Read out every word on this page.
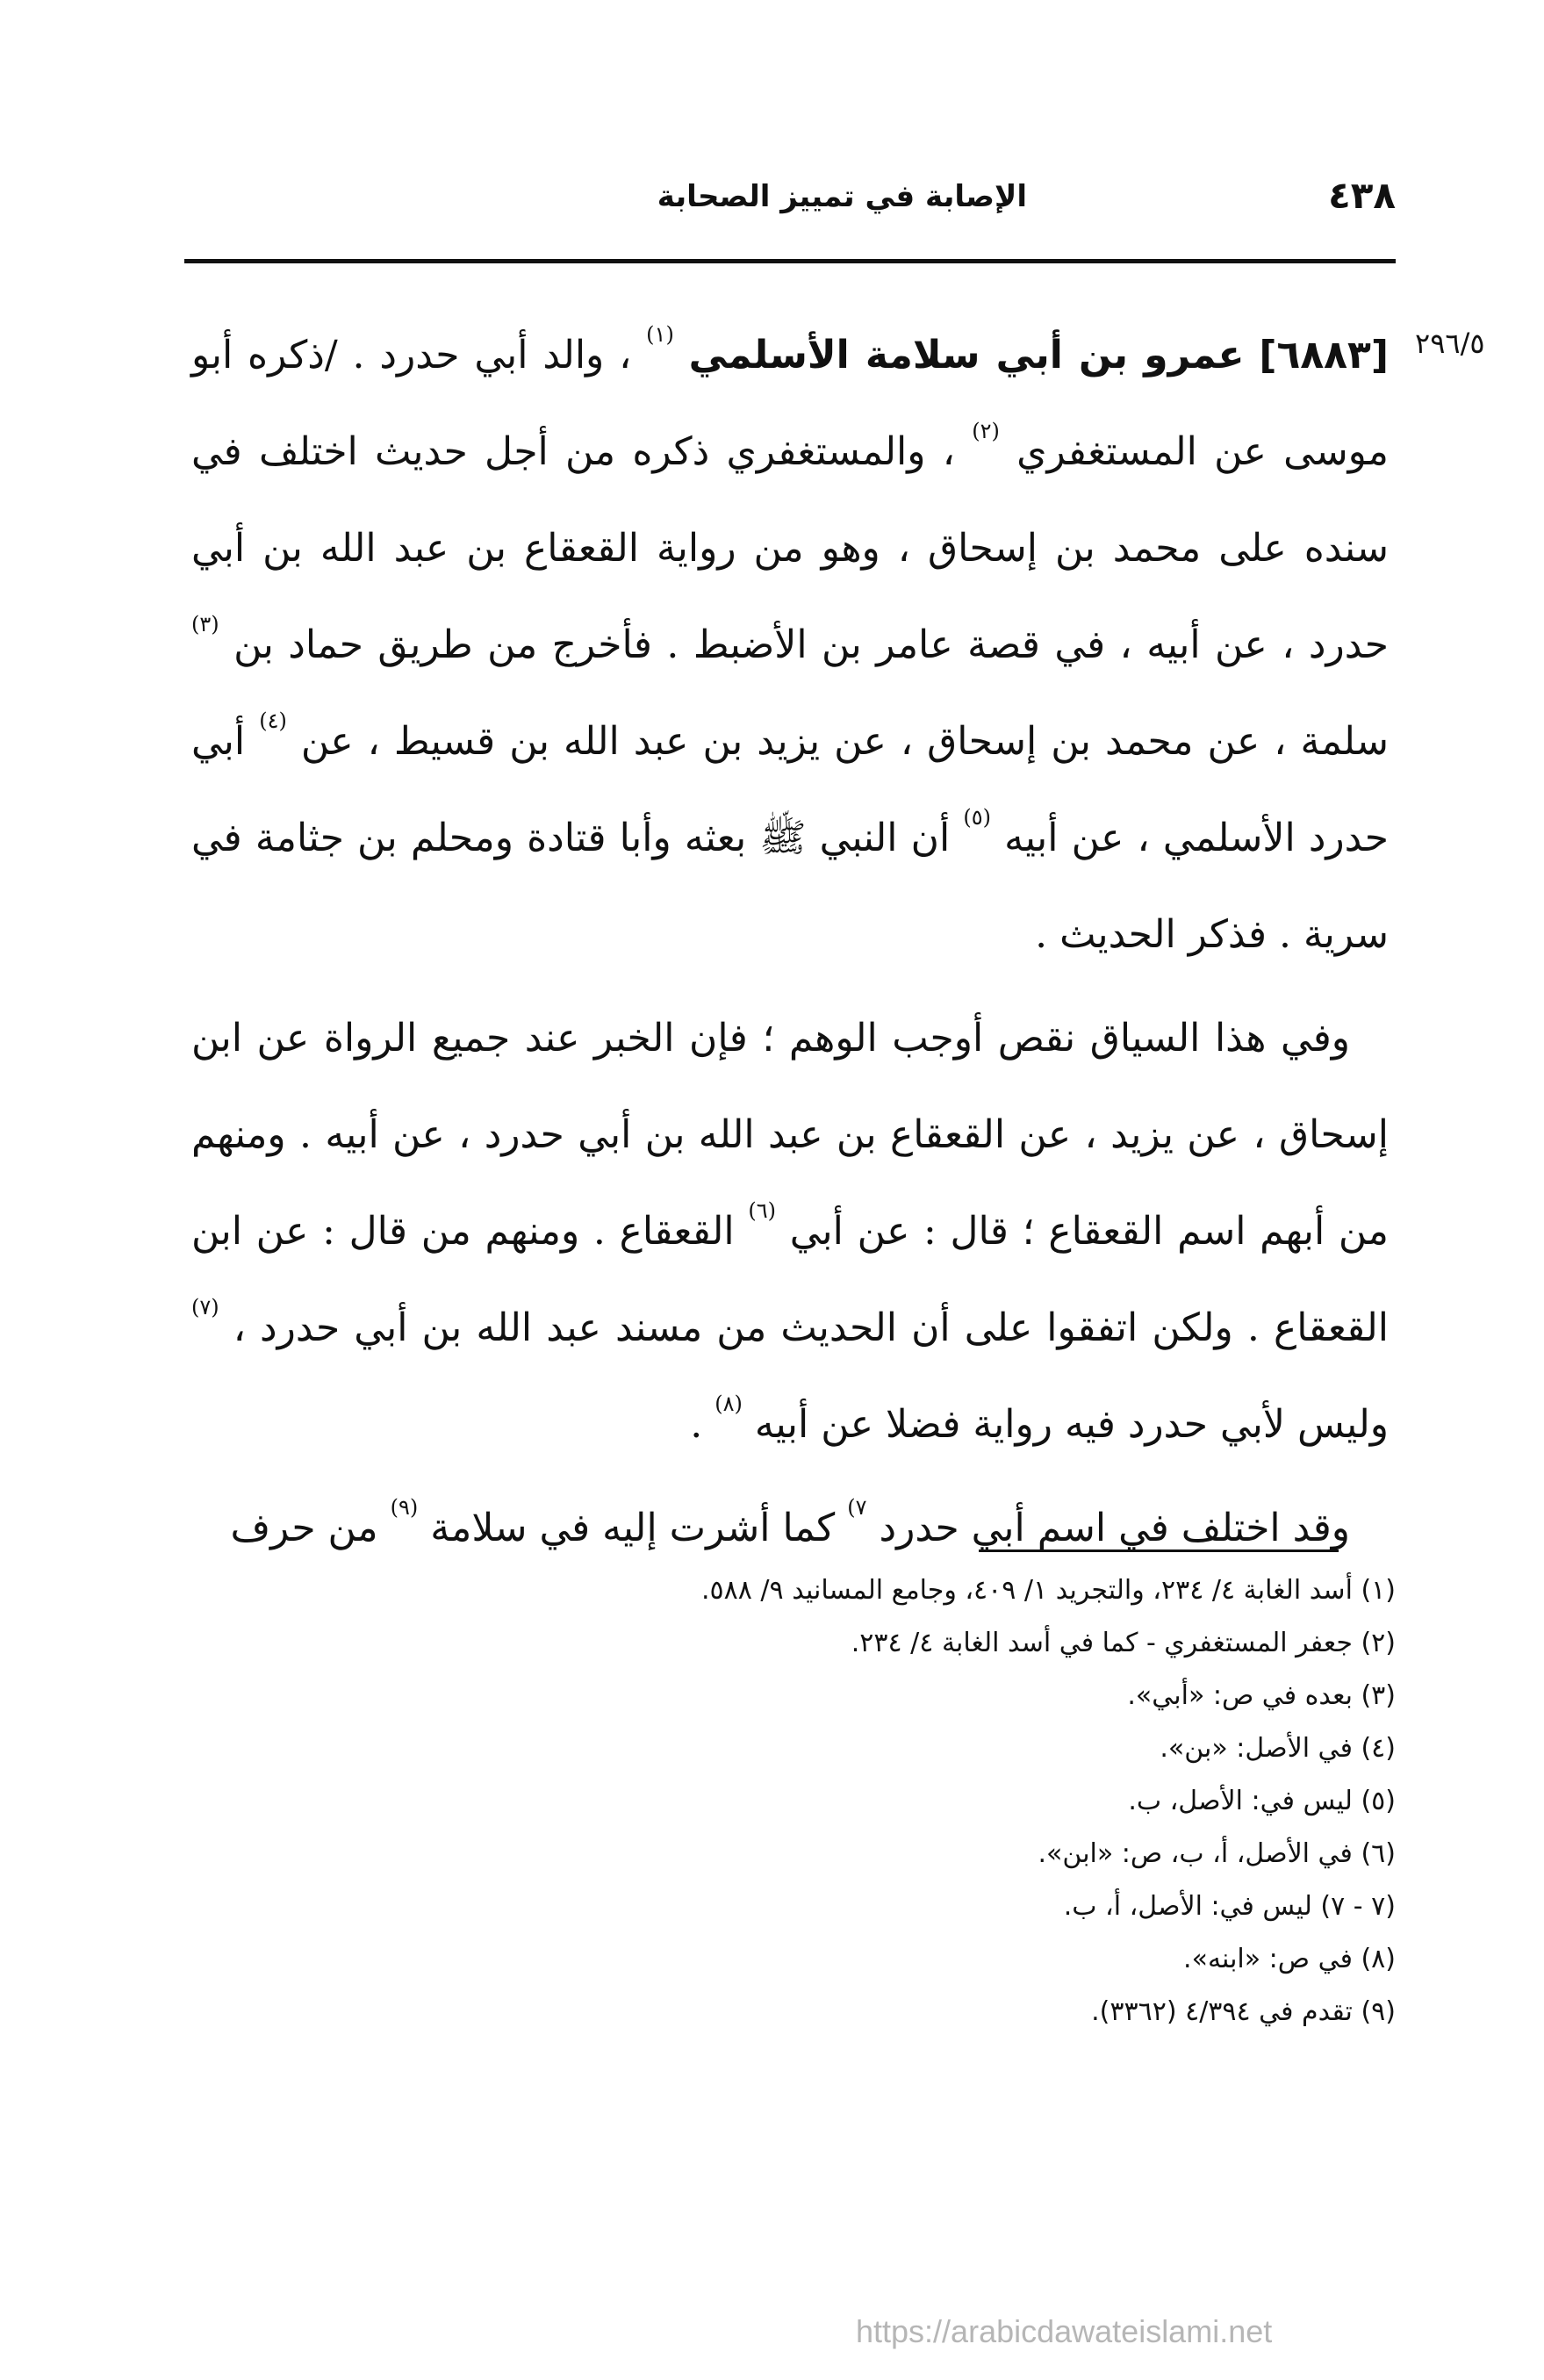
٤٣٨
الإصابة في تمييز الصحابة
٢٩٦/٥

[٦٨٨٣] عمرو بن أبي سلامة الأسلمي $^{(١)}$ ، والد أبي حدرد . /ذكره أبو موسى عن المستغفري $^{(٢)}$ ، والمستغفري ذكره من أجل حديث اختلف في سنده على محمد بن إسحاق ، وهو من رواية القعقاع بن عبد الله بن أبي حدرد ، عن أبيه ، في قصة عامر بن الأضبط . فأخرج من طريق حماد بن $^{(٣)}$ سلمة ، عن محمد بن إسحاق ، عن يزيد بن عبد الله بن قسيط ، عن $^{(٤)}$ أبي حدرد الأسلمي ، عن أبيه $^{(٥)}$ أن النبي ﷺ بعثه وأبا قتادة ومحلم بن جثامة في سرية . فذكر الحديث .

وفي هذا السياق نقص أوجب الوهم ؛ فإن الخبر عند جميع الرواة عن ابن إسحاق ، عن يزيد ، عن القعقاع بن عبد الله بن أبي حدرد ، عن أبيه . ومنهم من أبهم اسم القعقاع ؛ قال : عن أبي $^{(٦)}$ القعقاع . ومنهم من قال : عن ابن القعقاع . ولكن اتفقوا على أن الحديث من مسند عبد الله بن أبي حدرد ، $^{(٧)}$ وليس لأبي حدرد فيه رواية فضلا عن أبيه $^{(٨)}$ .

وقد اختلف في اسم أبي حدرد $^{٧)}$ كما أشرت إليه في سلامة $^{(٩)}$ من حرف

(١) أسد الغابة ٤/ ٢٣٤، والتجريد ١/ ٤٠٩، وجامع المسانيد ٩/ ٥٨٨.
(٢) جعفر المستغفري - كما في أسد الغابة ٤/ ٢٣٤.
(٣) بعده في ص: «أبي».
(٤) في الأصل: «بن».
(٥) ليس في: الأصل، ب.
(٦) في الأصل، أ، ب، ص: «ابن».
(٧ - ٧) ليس في: الأصل، أ، ب.
(٨) في ص: «ابنه».
(٩) تقدم في ٤/٣٩٤ (٣٣٦٢).
https://arabicdawateislami.net
